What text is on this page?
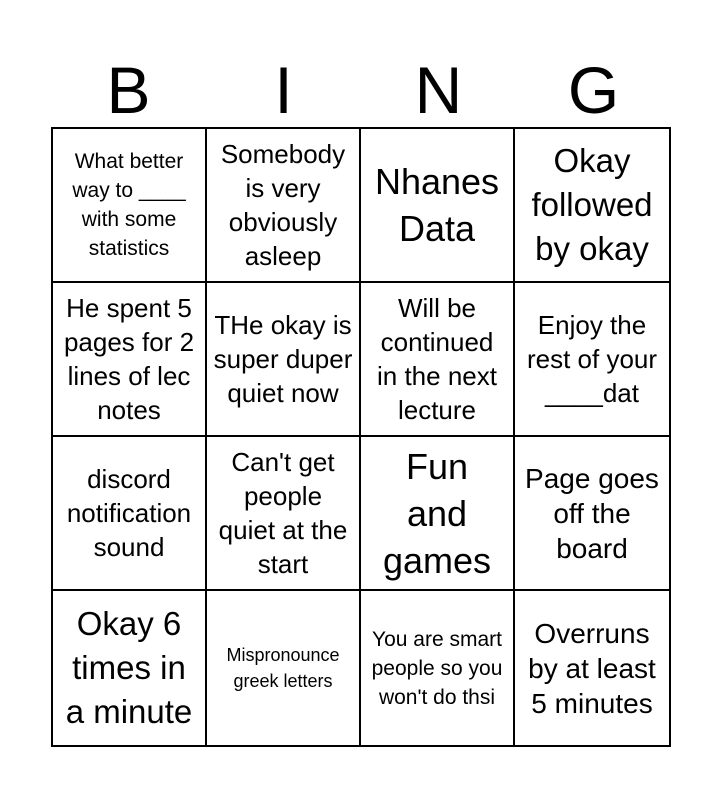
B	I	N	G
What better way to ____ with some statistics
Somebody is very obviously asleep
Nhanes Data
Okay followed by okay
He spent 5 pages for 2 lines of lec notes
THe okay is super duper quiet now
Will be continued in the next lecture
Enjoy the rest of your ____dat
discord notification sound
Can't get people quiet at the start
Fun and games
Page goes off the board
Okay 6 times in a minute
Mispronounce greek letters
You are smart people so you won't do thsi
Overruns by at least 5 minutes
